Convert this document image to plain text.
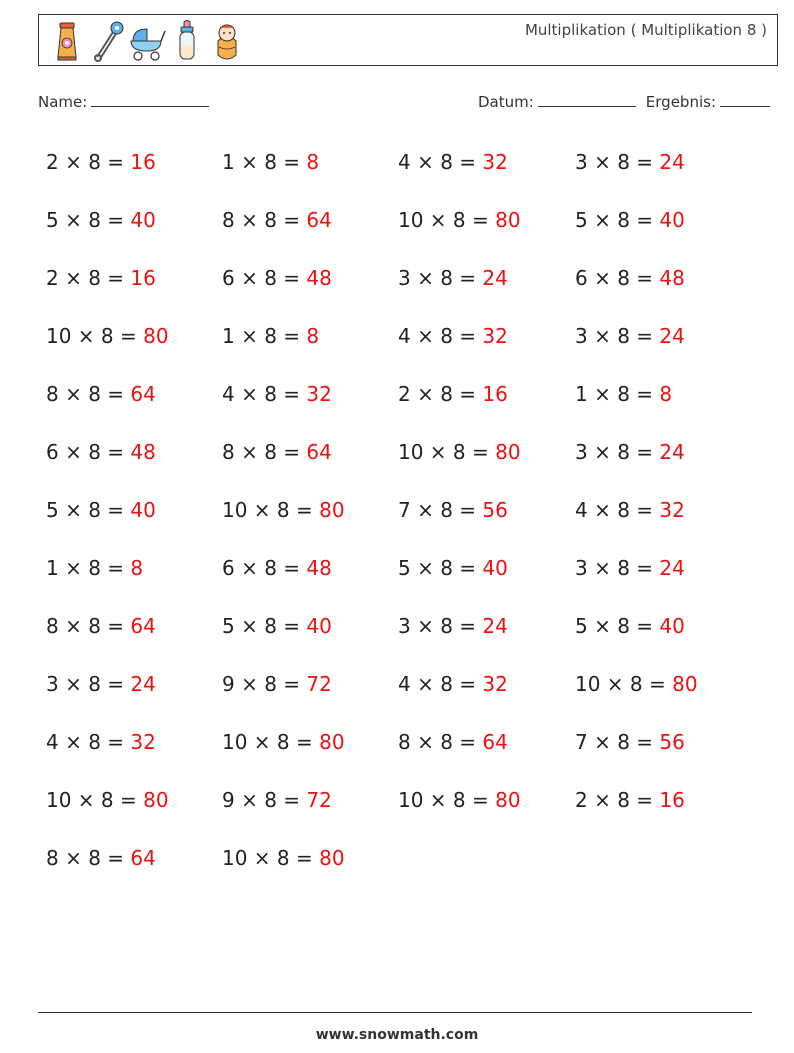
Multiplikation ( Multiplikation 8 )
Name:	Datum:	Ergebnis:
2 × 8 = 16	1 × 8 = 8	4 × 8 = 32	3 × 8 = 24
5 × 8 = 40	8 × 8 = 64	10 × 8 = 80	5 × 8 = 40
2 × 8 = 16	6 × 8 = 48	3 × 8 = 24	6 × 8 = 48
10 × 8 = 80	1 × 8 = 8	4 × 8 = 32	3 × 8 = 24
8 × 8 = 64	4 × 8 = 32	2 × 8 = 16	1 × 8 = 8
6 × 8 = 48	8 × 8 = 64	10 × 8 = 80	3 × 8 = 24
5 × 8 = 40	10 × 8 = 80	7 × 8 = 56	4 × 8 = 32
1 × 8 = 8	6 × 8 = 48	5 × 8 = 40	3 × 8 = 24
8 × 8 = 64	5 × 8 = 40	3 × 8 = 24	5 × 8 = 40
3 × 8 = 24	9 × 8 = 72	4 × 8 = 32	10 × 8 = 80
4 × 8 = 32	10 × 8 = 80	8 × 8 = 64	7 × 8 = 56
10 × 8 = 80	9 × 8 = 72	10 × 8 = 80	2 × 8 = 16
8 × 8 = 64	10 × 8 = 80
www.snowmath.com
